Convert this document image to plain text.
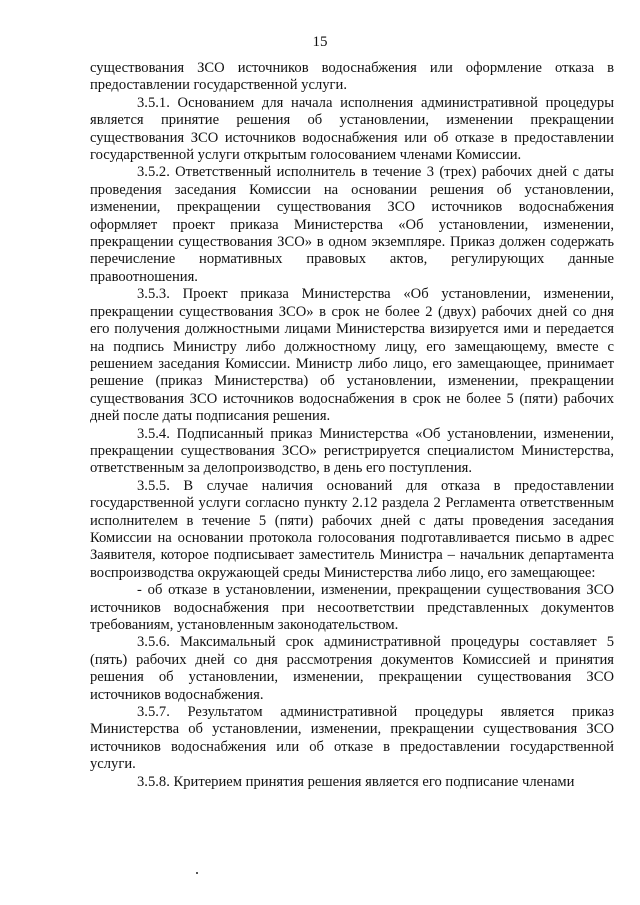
15

существования ЗСО источников водоснабжения или оформление отказа в предоставлении государственной услуги.

3.5.1. Основанием для начала исполнения административной процедуры является принятие решения об установлении, изменении прекращении существования ЗСО источников водоснабжения или об отказе в предоставлении государственной услуги открытым голосованием членами Комиссии.

3.5.2. Ответственный исполнитель в течение 3 (трех) рабочих дней с даты проведения заседания Комиссии на основании решения об установлении, изменении, прекращении существования ЗСО источников водоснабжения оформляет проект приказа Министерства «Об установлении, изменении, прекращении существования ЗСО» в одном экземпляре. Приказ должен содержать перечисление нормативных правовых актов, регулирующих данные правоотношения.

3.5.3. Проект приказа Министерства «Об установлении, изменении, прекращении существования ЗСО» в срок не более 2 (двух) рабочих дней со дня его получения должностными лицами Министерства визируется ими и передается на подпись Министру либо должностному лицу, его замещающему, вместе с решением заседания Комиссии. Министр либо лицо, его замещающее, принимает решение (приказ Министерства) об установлении, изменении, прекращении существования ЗСО источников водоснабжения в срок не более 5 (пяти) рабочих дней после даты подписания решения.

3.5.4. Подписанный приказ Министерства «Об установлении, изменении, прекращении существования ЗСО» регистрируется специалистом Министерства, ответственным за делопроизводство, в день его поступления.

3.5.5. В случае наличия оснований для отказа в предоставлении государственной услуги согласно пункту 2.12 раздела 2 Регламента ответственным исполнителем в течение 5 (пяти) рабочих дней с даты проведения заседания Комиссии на основании протокола голосования подготавливается письмо в адрес Заявителя, которое подписывает заместитель Министра – начальник департамента воспроизводства окружающей среды Министерства либо лицо, его замещающее:

- об отказе в установлении, изменении, прекращении существования ЗСО источников водоснабжения при несоответствии представленных документов требованиям, установленным законодательством.

3.5.6. Максимальный срок административной процедуры составляет 5 (пять) рабочих дней со дня рассмотрения документов Комиссией и принятия решения об установлении, изменении, прекращении существования ЗСО источников водоснабжения.

3.5.7. Результатом административной процедуры является приказ Министерства об установлении, изменении, прекращении существования ЗСО источников водоснабжения или об отказе в предоставлении государственной услуги.

3.5.8. Критерием принятия решения является его подписание членами
